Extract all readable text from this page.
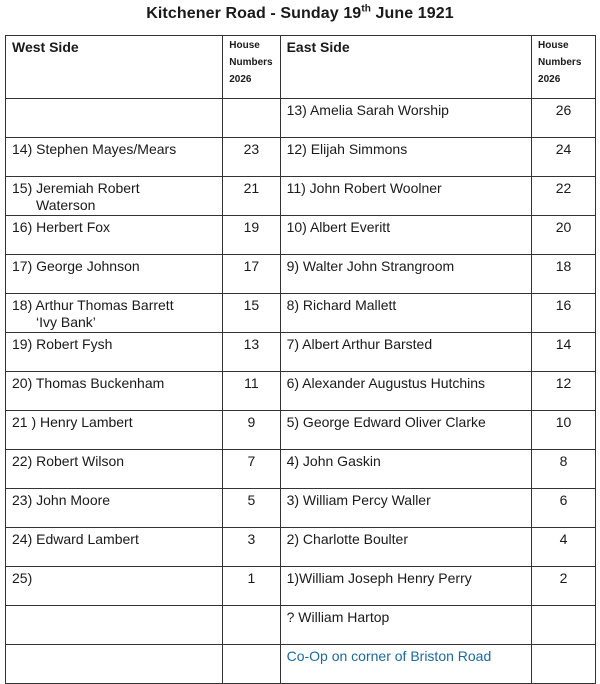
Kitchener Road - Sunday 19th June 1921
West Side	House
Numbers
2026	East Side	House
Numbers
2026

		13) Amelia Sarah Worship	26

14) Stephen Mayes/Mears	23	12) Elijah Simmons	24

15) Jeremiah Robert
Waterson	21	11) John Robert Woolner	22

16) Herbert Fox	19	10) Albert Everitt	20

17) George Johnson	17	9) Walter John Strangroom	18

18) Arthur Thomas Barrett
‘Ivy Bank’	15	8) Richard Mallett	16

19) Robert Fysh	13	7) Albert Arthur Barsted	14

20) Thomas Buckenham	11	6) Alexander Augustus Hutchins	12

21 ) Henry Lambert	9	5) George Edward Oliver Clarke	10

22) Robert Wilson	7	4) John Gaskin	8

23) John Moore	5	3) William Percy Waller	6

24) Edward Lambert	3	2) Charlotte Boulter	4

25)	1	1)William Joseph Henry Perry	2

		? William Hartop	

		Co-Op on corner of Briston Road	
